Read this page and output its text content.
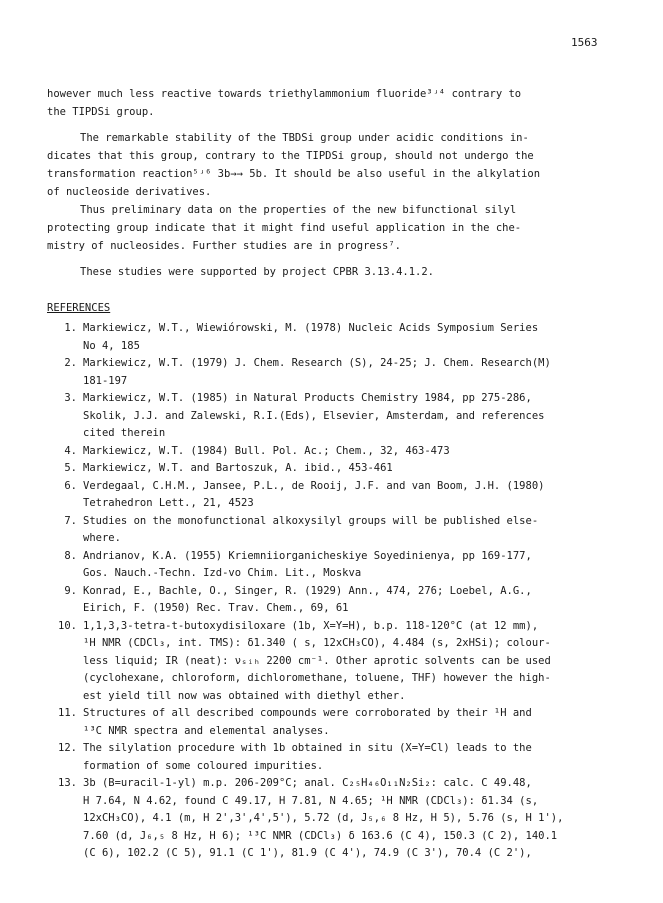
1563
however much less reactive towards triethylammonium fluoride³ʴ⁴ contrary to
the TIPDSi group.
The remarkable stability of the TBDSi group under acidic conditions in-
dicates that this group, contrary to the TIPDSi group, should not undergo the
transformation reaction⁵ʴ⁶ 3b→→ 5b. It should be also useful in the alkylation
of nucleoside derivatives.
Thus preliminary data on the properties of the new bifunctional silyl
protecting group indicate that it might find useful application in the che-
mistry of nucleosides. Further studies are in progress⁷.
These studies were supported by project CPBR 3.13.4.1.2.
REFERENCES
1. Markiewicz, W.T., Wiewiórowski, M. (1978) Nucleic Acids Symposium Series
No 4, 185
2. Markiewicz, W.T. (1979) J. Chem. Research (S), 24-25; J. Chem. Research(M)
181-197
3. Markiewicz, W.T. (1985) in Natural Products Chemistry 1984, pp 275-286,
Skolik, J.J. and Zalewski, R.I.(Eds), Elsevier, Amsterdam, and references
cited therein
4. Markiewicz, W.T. (1984) Bull. Pol. Ac.; Chem., 32, 463-473
5. Markiewicz, W.T. and Bartoszuk, A. ibid., 453-461
6. Verdegaal, C.H.M., Jansee, P.L., de Rooij, J.F. and van Boom, J.H. (1980)
Tetrahedron Lett., 21, 4523
7. Studies on the monofunctional alkoxysilyl groups will be published else-
where.
8. Andrianov, K.A. (1955) Kriemniiorganicheskiye Soyedinienya, pp 169-177,
Gos. Nauch.-Techn. Izd-vo Chim. Lit., Moskva
9. Konrad, E., Bachle, O., Singer, R. (1929) Ann., 474, 276; Loebel, A.G.,
Eirich, F. (1950) Rec. Trav. Chem., 69, 61
10. 1,1,3,3-tetra-t-butoxydisiloxare (1b, X=Y=H), b.p. 118-120°C (at 12 mm),
¹H NMR (CDCl₃, int. TMS): δ1.340 ( s, 12xCH₃CO), 4.484 (s, 2xHSi); colour-
less liquid; IR (neat): νₛᵢₕ 2200 cm⁻¹. Other aprotic solvents can be used
(cyclohexane, chloroform, dichloromethane, toluene, THF) however the high-
est yield till now was obtained with diethyl ether.
11. Structures of all described compounds were corroborated by their ¹H and
¹³C NMR spectra and elemental analyses.
12. The silylation procedure with 1b obtained in situ (X=Y=Cl) leads to the
formation of some coloured impurities.
13. 3b (B=uracil-1-yl) m.p. 206-209°C; anal. C₂₅H₄₆O₁₁N₂Si₂: calc. C 49.48,
H 7.64, N 4.62, found C 49.17, H 7.81, N 4.65; ¹H NMR (CDCl₃): δ1.34 (s,
12xCH₃CO), 4.1 (m, H 2',3',4',5'), 5.72 (d, J₅,₆ 8 Hz, H 5), 5.76 (s, H 1'),
7.60 (d, J₆,₅ 8 Hz, H 6); ¹³C NMR (CDCl₃) δ 163.6 (C 4), 150.3 (C 2), 140.1
(C 6), 102.2 (C 5), 91.1 (C 1'), 81.9 (C 4'), 74.9 (C 3'), 70.4 (C 2'),
